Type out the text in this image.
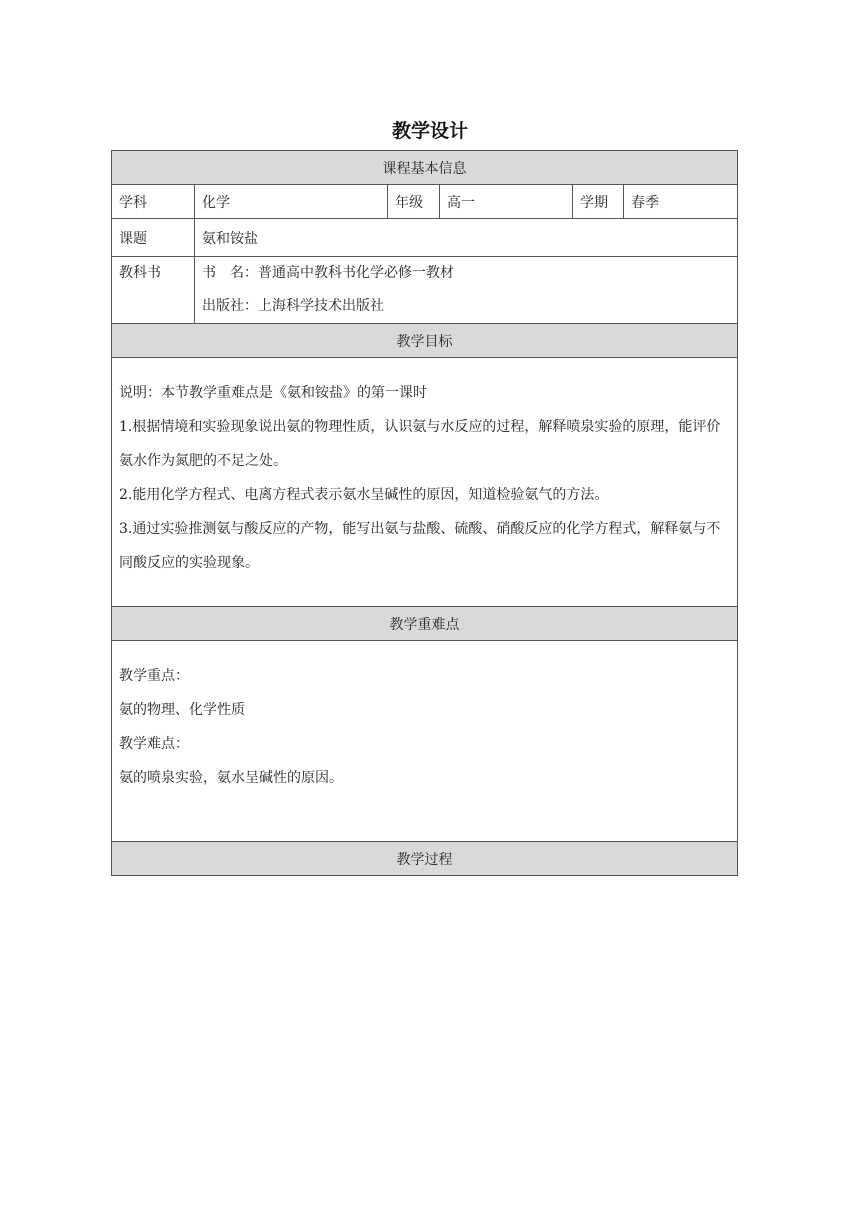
教学设计
课程基本信息					
学科	化学	年级	高一	学期	春季
课题	氨和铵盐				

教科书	书　名：普通高中教科书化学必修一教材
出版社：上海科学技术出版社				

教学目标					

说明：本节教学重难点是《氨和铵盐》的第一课时

1.根据情境和实验现象说出氨的物理性质，认识氨与水反应的过程，解释喷泉实验的原理，能评价氨水作为氮肥的不足之处。

2.能用化学方程式、电离方程式表示氨水呈碱性的原因，知道检验氨气的方法。

3.通过实验推测氨与酸反应的产物，能写出氨与盐酸、硫酸、硝酸反应的化学方程式，解释氨与不同酸反应的实验现象。					

教学重难点					

教学重点：

氨的物理、化学性质

教学难点：

氨的喷泉实验，氨水呈碱性的原因。					

教学过程					
